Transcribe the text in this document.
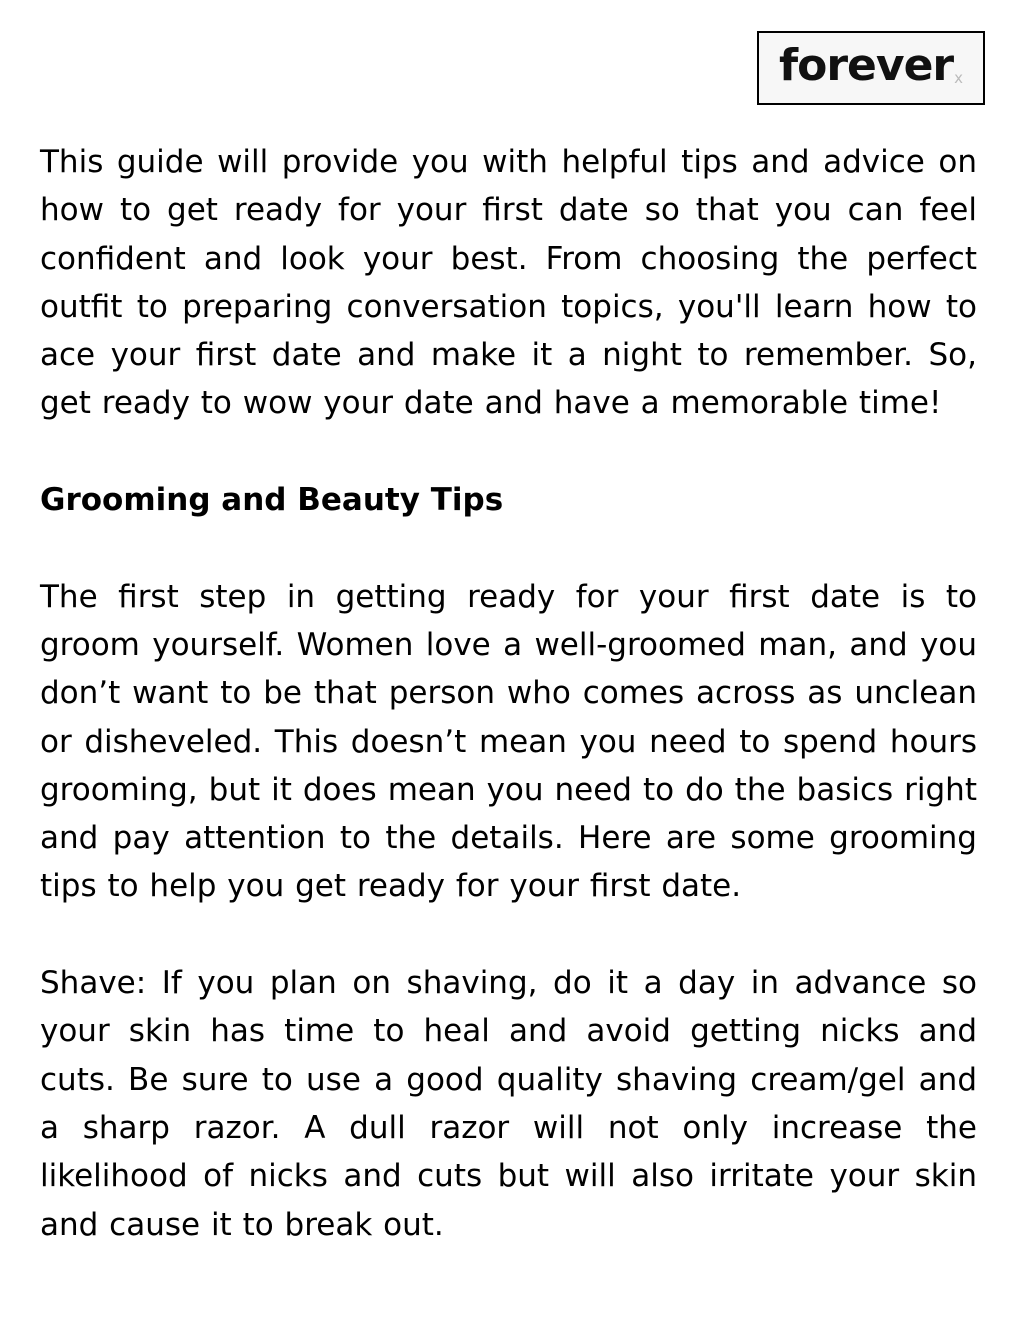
forever x

This guide will provide you with helpful tips and advice on how to get ready for your first date so that you can feel confident and look your best. From choosing the perfect outfit to preparing conversation topics, you'll learn how to ace your first date and make it a night to remember. So, get ready to wow your date and have a memorable time!

Grooming and Beauty Tips

The first step in getting ready for your first date is to groom yourself. Women love a well-groomed man, and you don’t want to be that person who comes across as unclean or disheveled. This doesn’t mean you need to spend hours grooming, but it does mean you need to do the basics right and pay attention to the details. Here are some grooming tips to help you get ready for your first date.

Shave: If you plan on shaving, do it a day in advance so your skin has time to heal and avoid getting nicks and cuts. Be sure to use a good quality shaving cream/gel and a sharp razor. A dull razor will not only increase the likelihood of nicks and cuts but will also irritate your skin and cause it to break out.
